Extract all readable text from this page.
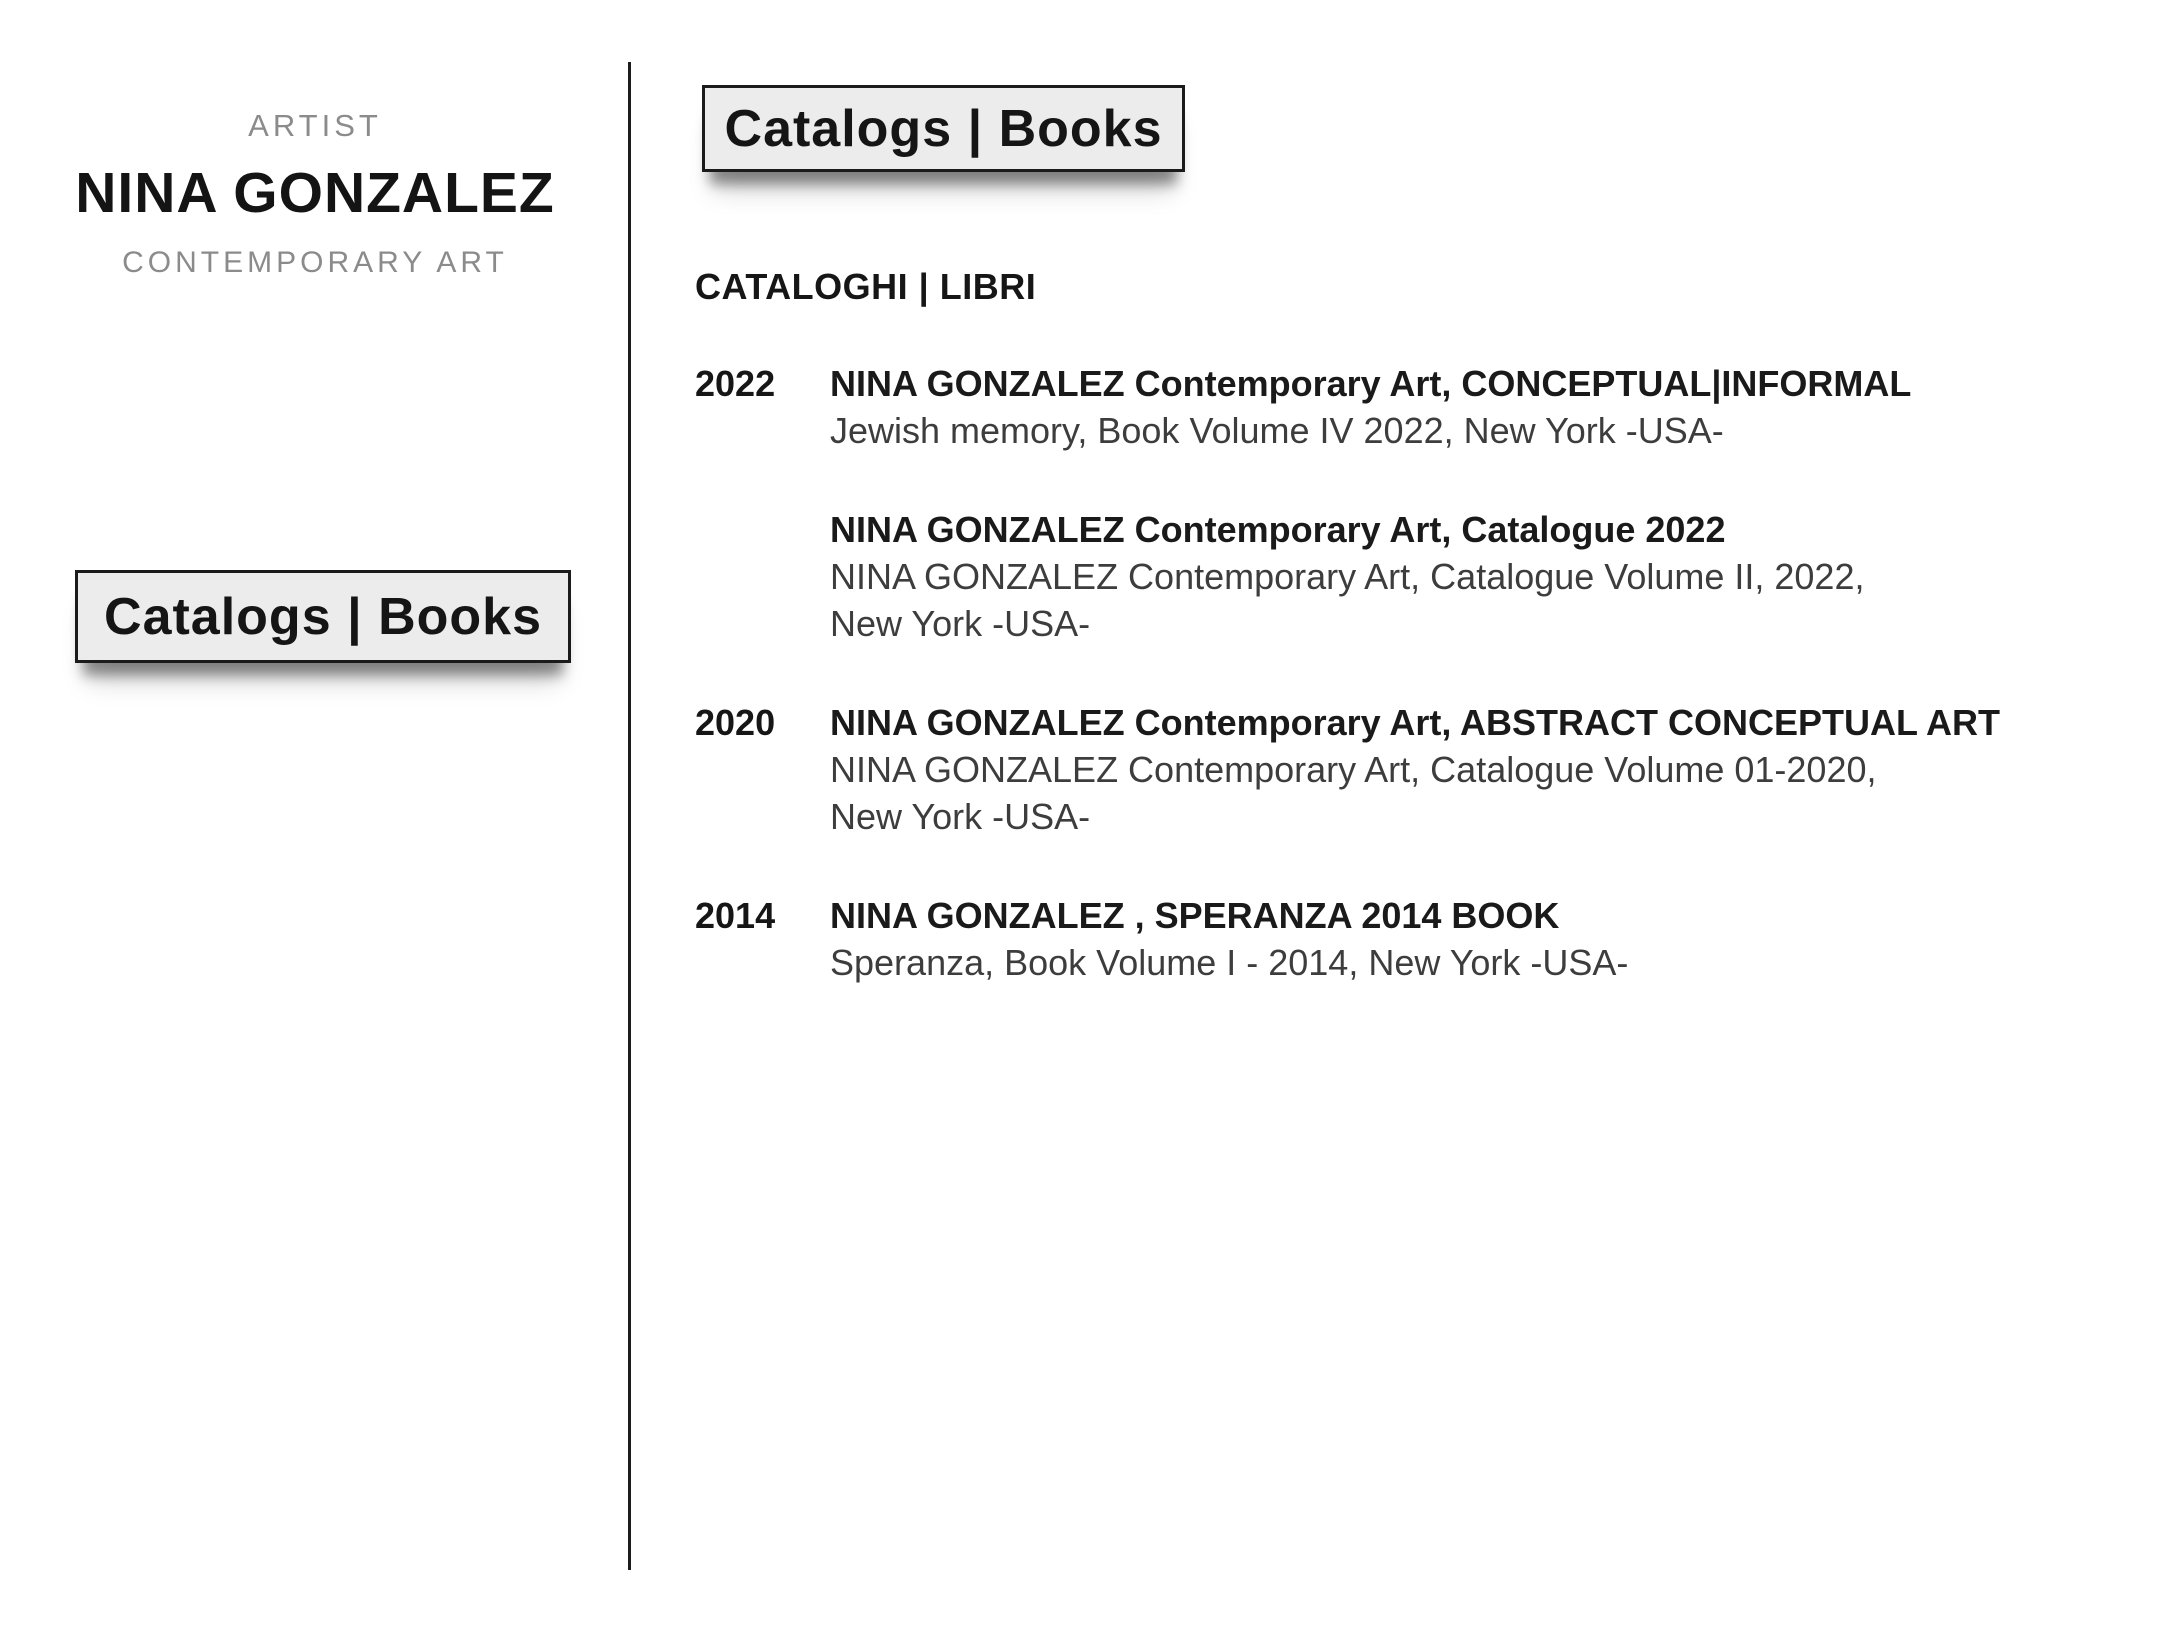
ARTIST
NINA GONZALEZ
CONTEMPORARY ART
Catalogs | Books
Catalogs | Books
CATALOGHI | LIBRI
2022 NINA GONZALEZ Contemporary Art, CONCEPTUAL|INFORMAL
Jewish memory, Book Volume IV 2022, New York -USA-
NINA GONZALEZ Contemporary Art, Catalogue 2022
NINA GONZALEZ Contemporary Art, Catalogue Volume II, 2022,
New York -USA-
2020 NINA GONZALEZ Contemporary Art, ABSTRACT CONCEPTUAL ART
NINA GONZALEZ Contemporary Art, Catalogue Volume 01-2020,
New York -USA-
2014 NINA GONZALEZ , SPERANZA 2014 BOOK
Speranza, Book Volume I - 2014, New York -USA-
